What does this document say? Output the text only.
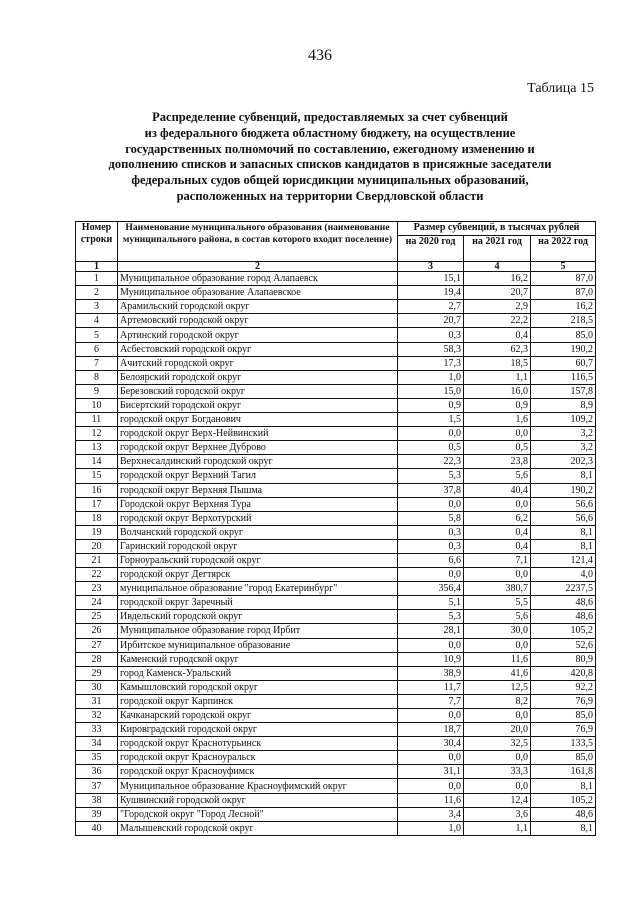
436
Таблица 15
Распределение субвенций, предоставляемых за счет субвенций
из федерального бюджета областному бюджету, на осуществление
государственных полномочий по составлению, ежегодному изменению и
дополнению списков и запасных списков кандидатов в присяжные заседатели
федеральных судов общей юрисдикции муниципальных образований,
расположенных на территории Свердловской области
Номер строки	Наименование муниципального образования (наименование муниципального района, в состав которого входит поселение)	Размер субвенций, в тысячах рублей		
		на 2020 год	на 2021 год	на 2022 год
1	2	3	4	5
1	Муниципальное образование город Алапаевск	15,1	16,2	87,0
2	Муниципальное образование Алапаевское	19,4	20,7	87,0
3	Арамильский городской округ	2,7	2,9	16,2
4	Артемовский городской округ	20,7	22,2	218,5
5	Артинский городской округ	0,3	0,4	85,0
6	Асбестовский городской округ	58,3	62,3	190,2
7	Ачитский городской округ	17,3	18,5	60,7
8	Белоярский городской округ	1,0	1,1	116,5
9	Березовский городской округ	15,0	16,0	157,8
10	Бисертский городской округ	0,9	0,9	8,9
11	городской округ Богданович	1,5	1,6	109,2
12	городской округ Верх-Нейвинский	0,0	0,0	3,2
13	городской округ Верхнее Дуброво	0,5	0,5	3,2
14	Верхнесалдинский городской округ	22,3	23,8	202,3
15	городской округ Верхний Тагил	5,3	5,6	8,1
16	городской округ Верхняя Пышма	37,8	40,4	190,2
17	Городской округ Верхняя Тура	0,0	0,0	56,6
18	городской округ Верхотурский	5,8	6,2	56,6
19	Волчанский городской округ	0,3	0,4	8,1
20	Гаринский городской округ	0,3	0,4	8,1
21	Горноуральский городской округ	6,6	7,1	121,4
22	городской округ Дегтярск	0,0	0,0	4,0
23	муниципальное образование "город Екатеринбург"	356,4	380,7	2237,5
24	городской округ Заречный	5,1	5,5	48,6
25	Ивдельский городской округ	5,3	5,6	48,6
26	Муниципальное образование город Ирбит	28,1	30,0	105,2
27	Ирбитское муниципальное образование	0,0	0,0	52,6
28	Каменский городской округ	10,9	11,6	80,9
29	город Каменск-Уральский	38,9	41,6	420,8
30	Камышловский городской округ	11,7	12,5	92,2
31	городской округ Карпинск	7,7	8,2	76,9
32	Качканарский городской округ	0,0	0,0	85,0
33	Кировградский городской округ	18,7	20,0	76,9
34	городской округ Краснотурьинск	30,4	32,5	133,5
35	городской округ Красноуральск	0,0	0,0	85,0
36	городской округ Красноуфимск	31,1	33,3	161,8
37	Муниципальное образование Красноуфимский округ	0,0	0,0	8,1
38	Кушвинский городской округ	11,6	12,4	105,2
39	"Городской округ "Город Лесной"	3,4	3,6	48,6
40	Малышевский городской округ	1,0	1,1	8,1
